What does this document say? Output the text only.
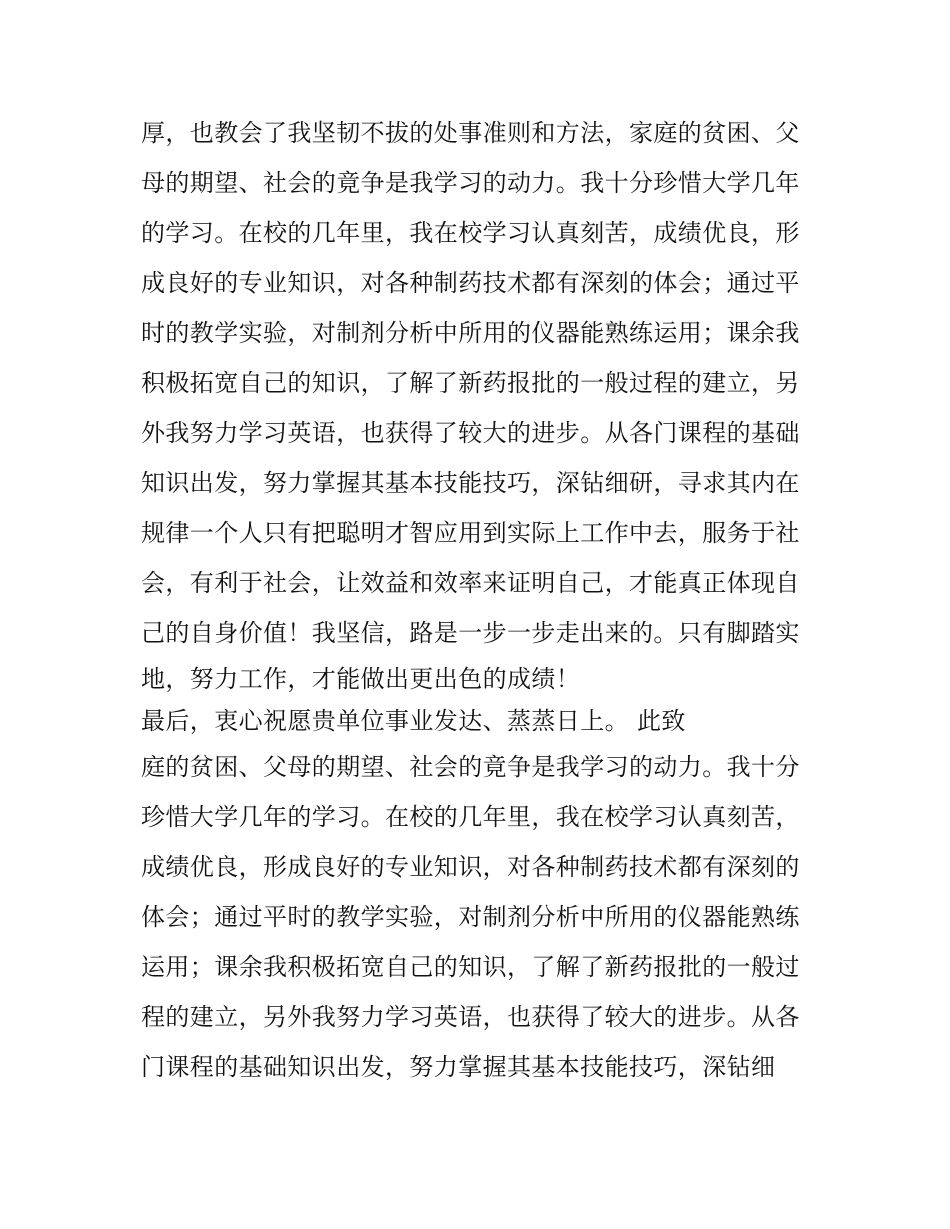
厚，也教会了我坚韧不拔的处事准则和方法，家庭的贫困、父
母的期望、社会的竟争是我学习的动力。我十分珍惜大学几年
的学习。在校的几年里，我在校学习认真刻苦，成绩优良，形
成良好的专业知识，对各种制药技术都有深刻的体会；通过平
时的教学实验，对制剂分析中所用的仪器能熟练运用；课余我
积极拓宽自己的知识，了解了新药报批的一般过程的建立，另
外我努力学习英语，也获得了较大的进步。从各门课程的基础
知识出发，努力掌握其基本技能技巧，深钻细研，寻求其内在
规律一个人只有把聪明才智应用到实际上工作中去，服务于社
会，有利于社会，让效益和效率来证明自己，才能真正体现自
己的自身价值！我坚信，路是一步一步走出来的。只有脚踏实
地，努力工作，才能做出更出色的成绩！
最后，衷心祝愿贵单位事业发达、蒸蒸日上。 此致
庭的贫困、父母的期望、社会的竟争是我学习的动力。我十分
珍惜大学几年的学习。在校的几年里，我在校学习认真刻苦，
成绩优良，形成良好的专业知识，对各种制药技术都有深刻的
体会；通过平时的教学实验，对制剂分析中所用的仪器能熟练
运用；课余我积极拓宽自己的知识，了解了新药报批的一般过
程的建立，另外我努力学习英语，也获得了较大的进步。从各
门课程的基础知识出发，努力掌握其基本技能技巧，深钻细
